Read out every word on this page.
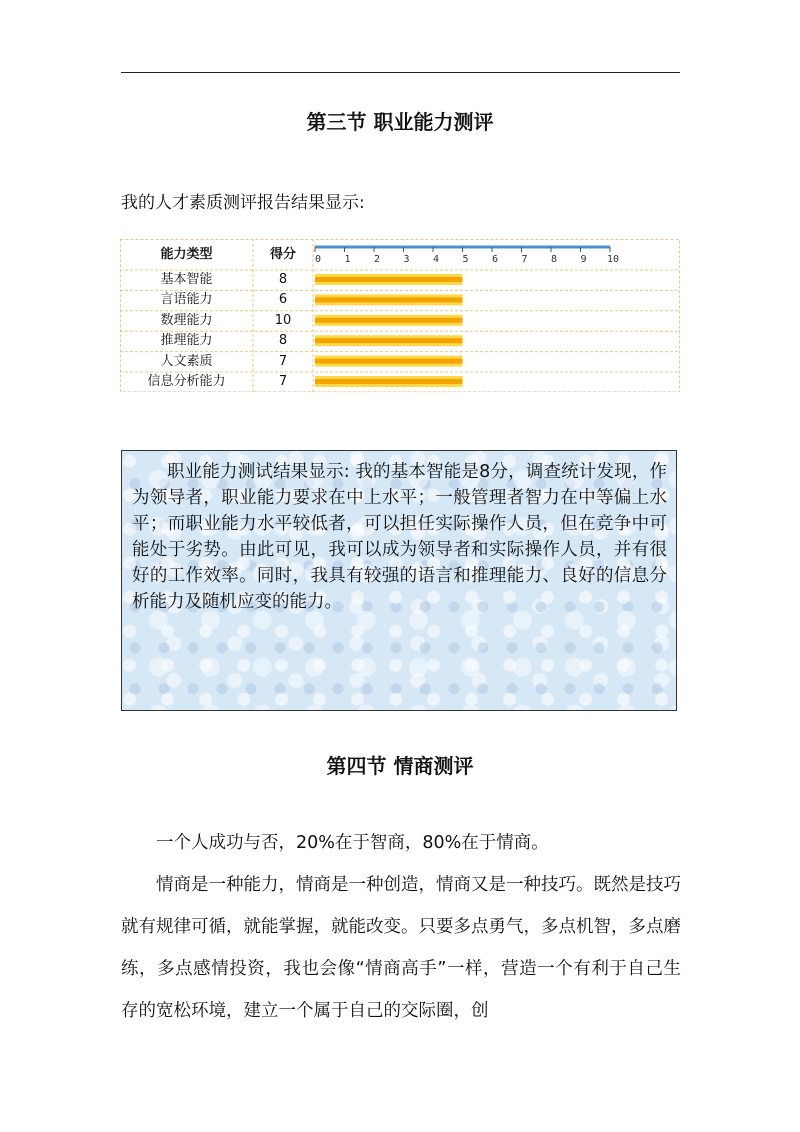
第三节 职业能力测评
我的人才素质测评报告结果显示:
0 1 2 3 4 5 6 7 8 9 10
能力类型	得分
基本智能	8
言语能力	6
数理能力	10
推理能力	8
人文素质	7
信息分析能力	7
职业能力测试结果显示: 我的基本智能是8分，调查统计发现，作为领导者，职业能力要求在中上水平；一般管理者智力在中等偏上水平；而职业能力水平较低者，可以担任实际操作人员，但在竞争中可能处于劣势。由此可见，我可以成为领导者和实际操作人员，并有很好的工作效率。同时，我具有较强的语言和推理能力、良好的信息分析能力及随机应变的能力。
第四节 情商测评
一个人成功与否，20%在于智商，80%在于情商。
情商是一种能力，情商是一种创造，情商又是一种技巧。既然是技巧就有规律可循，就能掌握，就能改变。只要多点勇气，多点机智，多点磨练，多点感情投资，我也会像“情商高手”一样，营造一个有利于自己生存的宽松环境，建立一个属于自己的交际圈，创
